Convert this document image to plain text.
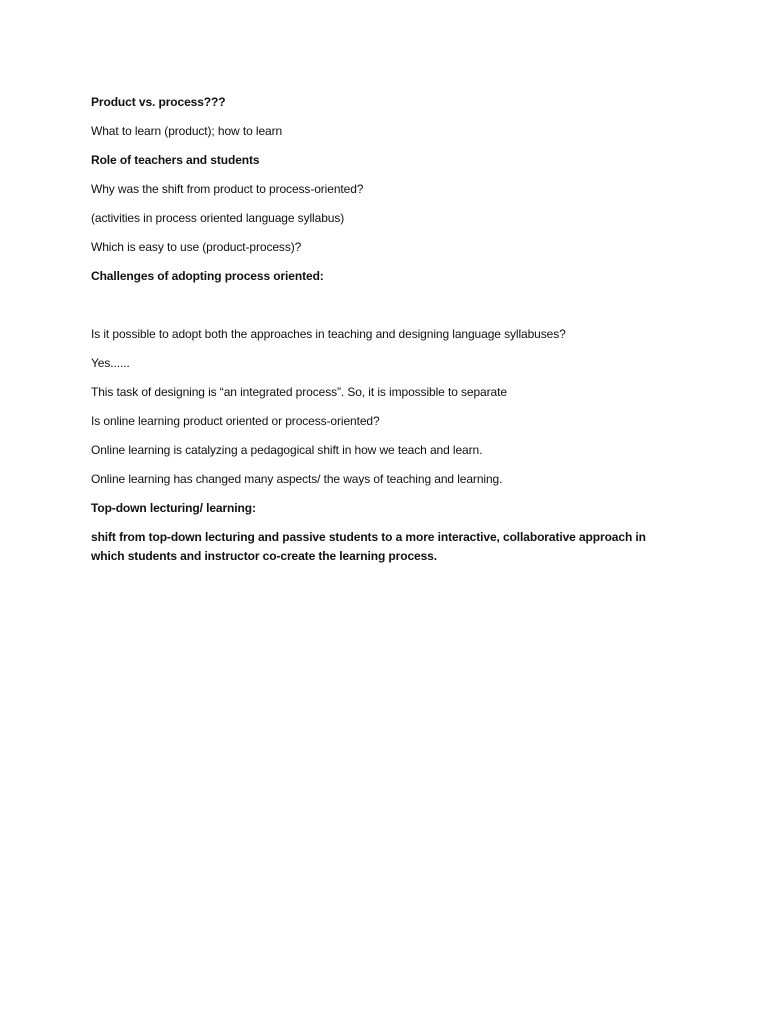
Product vs. process???

What to learn (product); how to learn

Role of teachers and students

Why was the shift from product to process-oriented?

(activities in process oriented language syllabus)

Which is easy to use (product-process)?

Challenges of adopting process oriented:

Is it possible to adopt both the approaches in teaching and designing language syllabuses?

Yes......

This task of designing is “an integrated process”. So, it is impossible to separate

Is online learning product oriented or process-oriented?

Online learning is catalyzing a pedagogical shift in how we teach and learn.

Online learning has changed many aspects/ the ways of teaching and learning.

Top-down lecturing/ learning:

shift from top-down lecturing and passive students to a more interactive, collaborative approach in which students and instructor co-create the learning process.
